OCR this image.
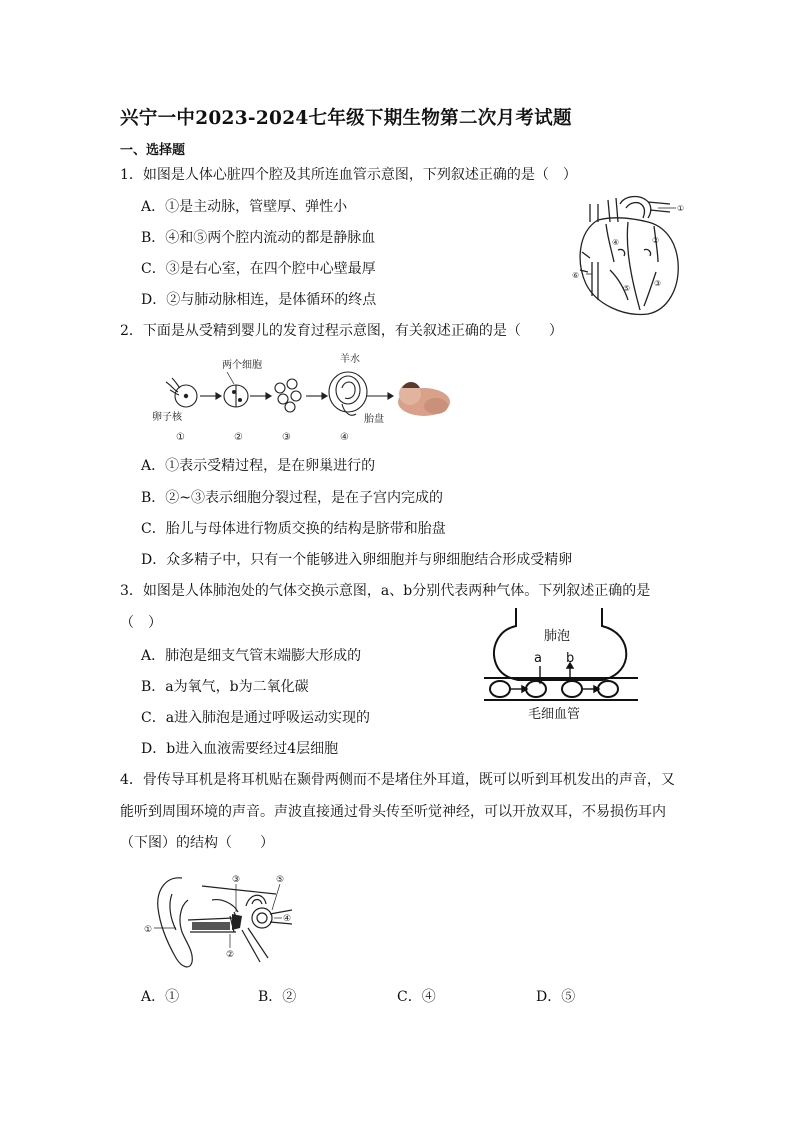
兴宁一中2023-2024七年级下期生物第二次月考试题
一、选择题
1．如图是人体心脏四个腔及其所连血管示意图，下列叙述正确的是（　）
A．①是主动脉，管壁厚、弹性小
B．④和⑤两个腔内流动的都是静脉血
C．③是右心室，在四个腔中心壁最厚
D．②与肺动脉相连，是体循环的终点
①
②
③
④
⑤
⑥
2．下面是从受精到婴儿的发育过程示意图，有关叙述正确的是（　　）
两个细胞
羊水
卵子核	胎盘
①	②	③	④
A．①表示受精过程，是在卵巢进行的
B．②~③表示细胞分裂过程，是在子宫内完成的
C．胎儿与母体进行物质交换的结构是脐带和胎盘
D．众多精子中，只有一个能够进入卵细胞并与卵细胞结合形成受精卵
3．如图是人体肺泡处的气体交换示意图，a、b分别代表两种气体。下列叙述正确的是
（　）
A．肺泡是细支气管末端膨大形成的
B．a为氧气，b为二氧化碳
C．a进入肺泡是通过呼吸运动实现的
D．b进入血液需要经过4层细胞
肺泡
a b
毛细血管
4．骨传导耳机是将耳机贴在颞骨两侧而不是堵住外耳道，既可以听到耳机发出的声音，又
能听到周围环境的声音。声波直接通过骨头传至听觉神经，可以开放双耳，不易损伤耳内
（下图）的结构（　　）
①
②
③
④
⑤
A．①	B．②	C．④	D．⑤
